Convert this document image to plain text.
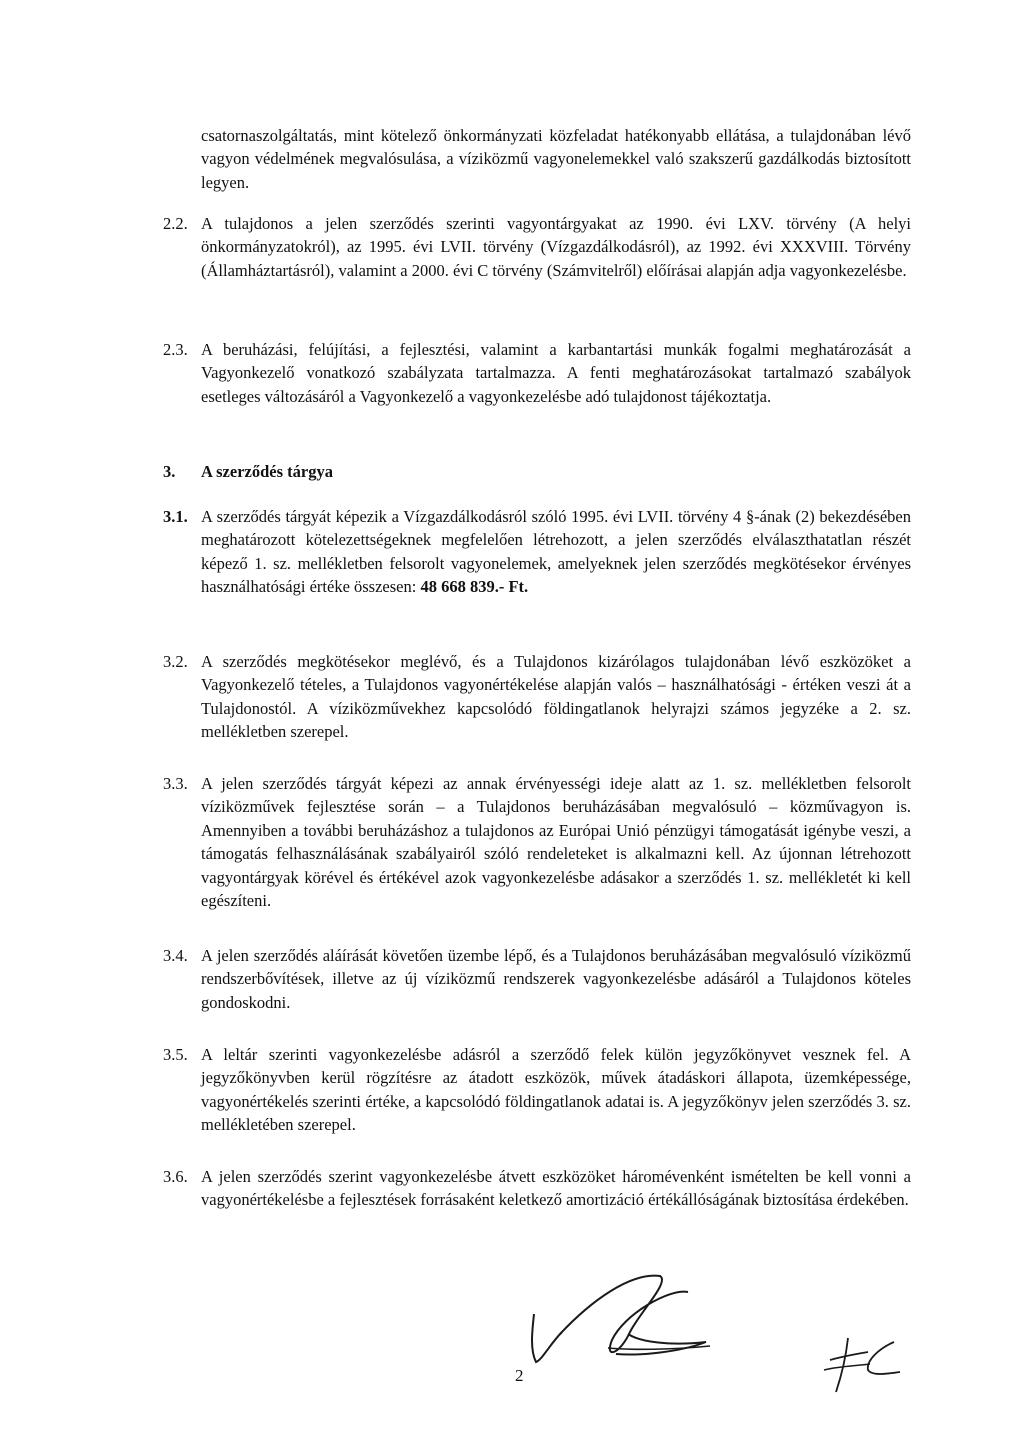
csatornaszolgáltatás, mint kötelező önkormányzati közfeladat hatékonyabb ellátása, a tulajdonában lévő vagyon védelmének megvalósulása, a víziközmű vagyonelemekkel való szakszerű gazdálkodás biztosított legyen.
2.2. A tulajdonos a jelen szerződés szerinti vagyontárgyakat az 1990. évi LXV. törvény (A helyi önkormányzatokról), az 1995. évi LVII. törvény (Vízgazdálkodásról), az 1992. évi XXXVIII. Törvény (Államháztartásról), valamint a 2000. évi C törvény (Számvitelről) előírásai alapján adja vagyonkezelésbe.
2.3. A beruházási, felújítási, a fejlesztési, valamint a karbantartási munkák fogalmi meghatározását a Vagyonkezelő vonatkozó szabályzata tartalmazza. A fenti meghatározásokat tartalmazó szabályok esetleges változásáról a Vagyonkezelő a vagyonkezelésbe adó tulajdonost tájékoztatja.
3.	A szerződés tárgya
3.1. A szerződés tárgyát képezik a Vízgazdálkodásról szóló 1995. évi LVII. törvény 4 §-ának (2) bekezdésében meghatározott kötelezettségeknek megfelelően létrehozott, a jelen szerződés elválaszthatatlan részét képező 1. sz. mellékletben felsorolt vagyonelemek, amelyeknek jelen szerződés megkötésekor érvényes használhatósági értéke összesen: 48 668 839.- Ft.
3.2. A szerződés megkötésekor meglévő, és a Tulajdonos kizárólagos tulajdonában lévő eszközöket a Vagyonkezelő tételes, a Tulajdonos vagyonértékelése alapján valós – használhatósági - értéken veszi át a Tulajdonostól. A víziközművekhez kapcsolódó földingatlanok helyrajzi számos jegyzéke a 2. sz. mellékletben szerepel.
3.3. A jelen szerződés tárgyát képezi az annak érvényességi ideje alatt az 1. sz. mellékletben felsorolt víziközművek fejlesztése során – a Tulajdonos beruházásában megvalósuló – közművagyon is. Amennyiben a további beruházáshoz a tulajdonos az Európai Unió pénzügyi támogatását igénybe veszi, a támogatás felhasználásának szabályairól szóló rendeleteket is alkalmazni kell. Az újonnan létrehozott vagyontárgyak körével és értékével azok vagyonkezelésbe adásakor a szerződés 1. sz. mellékletét ki kell egészíteni.
3.4. A jelen szerződés aláírását követően üzembe lépő, és a Tulajdonos beruházásában megvalósuló víziközmű rendszerbővítések, illetve az új víziközmű rendszerek vagyonkezelésbe adásáról a Tulajdonos köteles gondoskodni.
3.5. A leltár szerinti vagyonkezelésbe adásról a szerződő felek külön jegyzőkönyvet vesznek fel. A jegyzőkönyvben kerül rögzítésre az átadott eszközök, művek átadáskori állapota, üzemképessége, vagyonértékelés szerinti értéke, a kapcsolódó földingatlanok adatai is. A jegyzőkönyv jelen szerződés 3. sz. mellékletében szerepel.
3.6. A jelen szerződés szerint vagyonkezelésbe átvett eszközöket háromévenként ismételten be kell vonni a vagyonértékelésbe a fejlesztések forrásaként keletkező amortizáció értékállóságának biztosítása érdekében.
2
